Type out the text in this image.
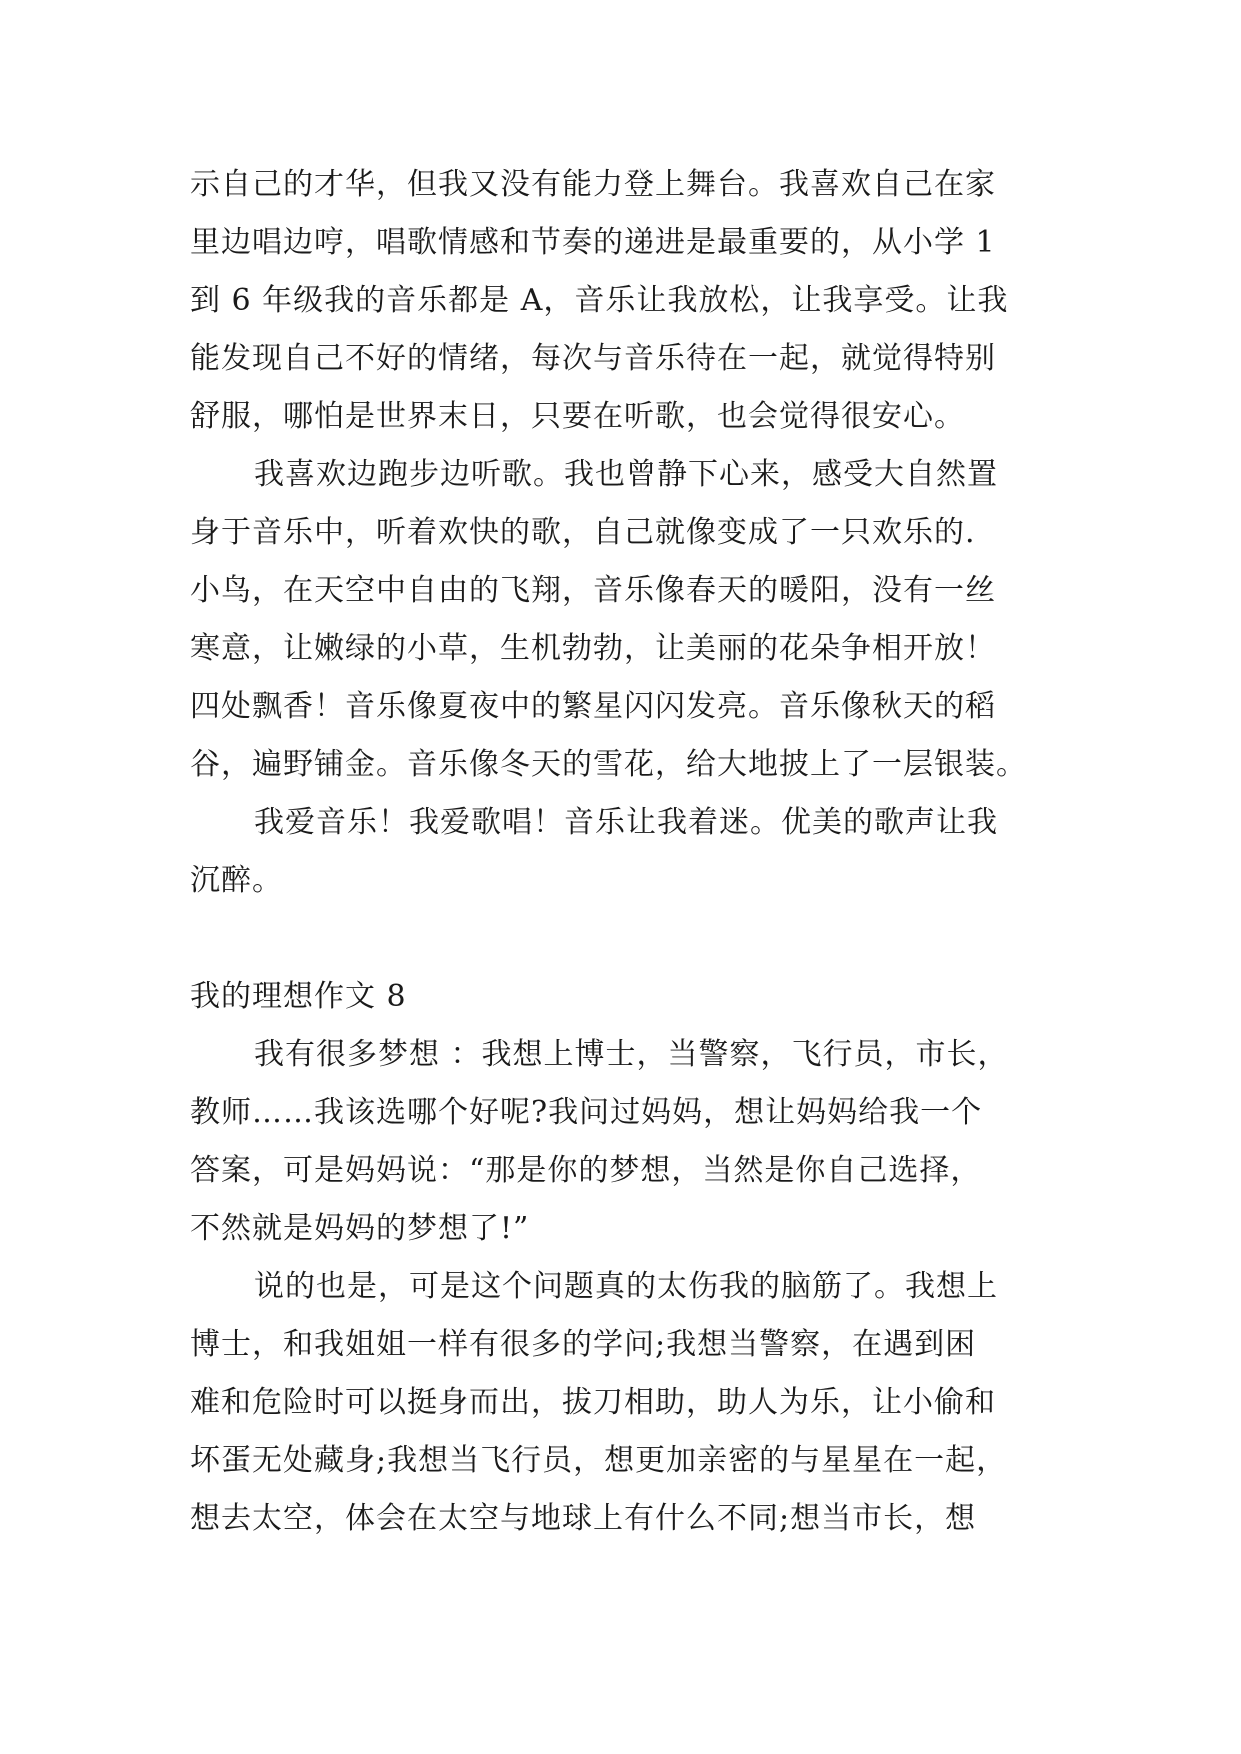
示自己的才华，但我又没有能力登上舞台。我喜欢自己在家
里边唱边哼，唱歌情感和节奏的递进是最重要的，从小学 1
到 6 年级我的音乐都是 A，音乐让我放松，让我享受。让我
能发现自己不好的情绪，每次与音乐待在一起，就觉得特别
舒服，哪怕是世界末日，只要在听歌，也会觉得很安心。
我喜欢边跑步边听歌。我也曾静下心来，感受大自然置
身于音乐中，听着欢快的歌，自己就像变成了一只欢乐的.
小鸟，在天空中自由的飞翔，音乐像春天的暖阳，没有一丝
寒意，让嫩绿的小草，生机勃勃，让美丽的花朵争相开放！
四处飘香！音乐像夏夜中的繁星闪闪发亮。音乐像秋天的稻
谷，遍野铺金。音乐像冬天的雪花，给大地披上了一层银装。
我爱音乐！我爱歌唱！音乐让我着迷。优美的歌声让我
沉醉。
我的理想作文 8
我有很多梦想 ：我想上博士，当警察，飞行员，市长，
教师……我该选哪个好呢?我问过妈妈，想让妈妈给我一个
答案，可是妈妈说：“那是你的梦想，当然是你自己选择，
不然就是妈妈的梦想了!”
说的也是，可是这个问题真的太伤我的脑筋了。我想上
博士，和我姐姐一样有很多的学问;我想当警察，在遇到困
难和危险时可以挺身而出，拔刀相助，助人为乐，让小偷和
坏蛋无处藏身;我想当飞行员，想更加亲密的与星星在一起，
想去太空，体会在太空与地球上有什么不同;想当市长，想
